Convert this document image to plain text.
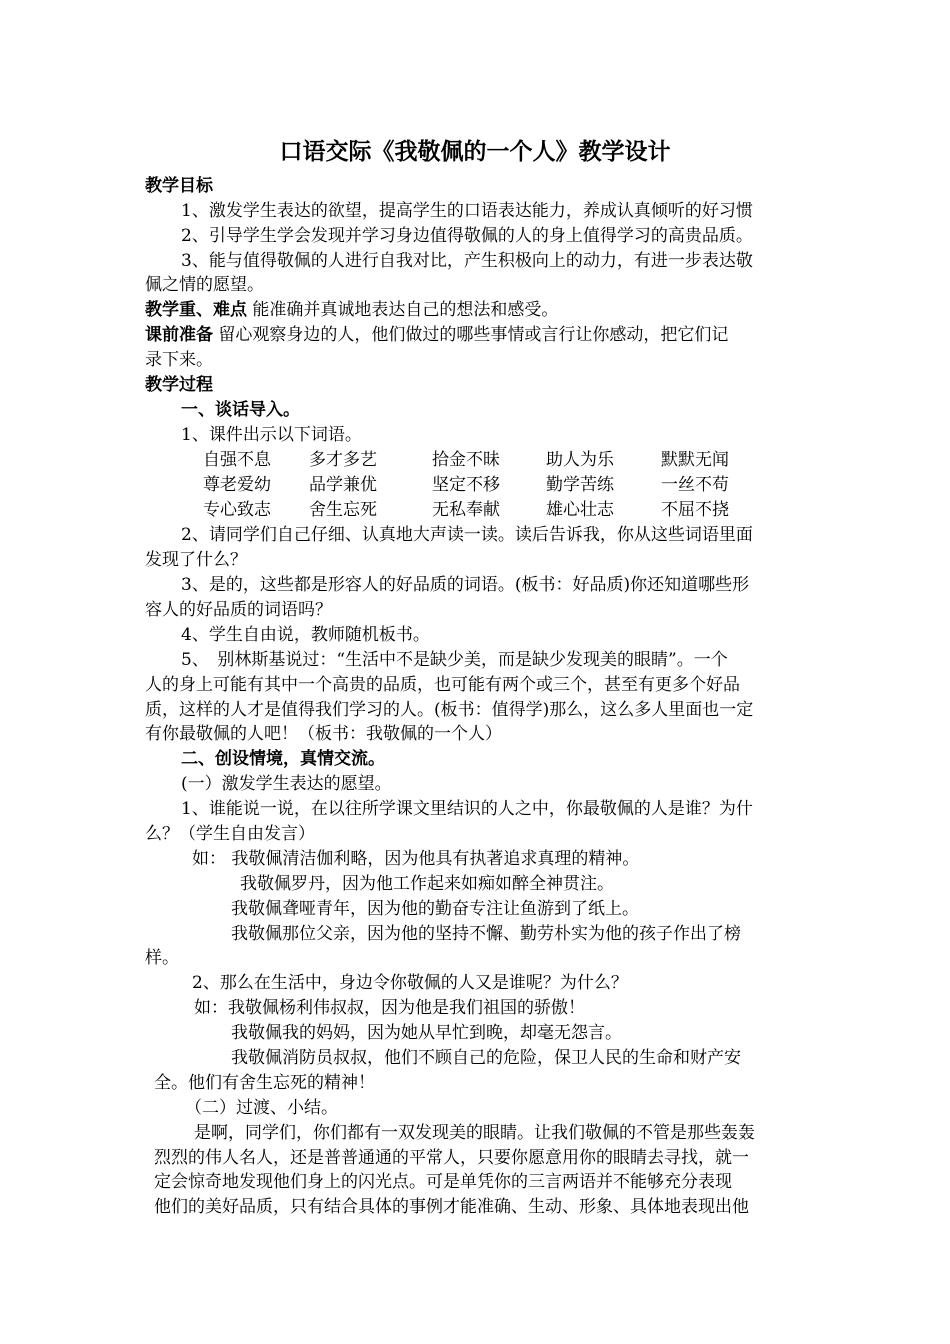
口语交际《我敬佩的一个人》教学设计
教学目标
1、激发学生表达的欲望，提高学生的口语表达能力，养成认真倾听的好习惯
2、引导学生学会发现并学习身边值得敬佩的人的身上值得学习的高贵品质。
3、能与值得敬佩的人进行自我对比，产生积极向上的动力，有进一步表达敬
佩之情的愿望。
教学重、难点 能准确并真诚地表达自己的想法和感受。
课前准备 留心观察身边的人，他们做过的哪些事情或言行让你感动，把它们记
录下来。
教学过程
一、谈话导入。
1、课件出示以下词语。
自强不息 多才多艺	拾金不昧	助人为乐	默默无闻
尊老爱幼 品学兼优	坚定不移	勤学苦练	一丝不苟
专心致志 舍生忘死	无私奉献	雄心壮志	不屈不挠
2、请同学们自己仔细、认真地大声读一读。读后告诉我，你从这些词语里面
发现了什么？
3、是的，这些都是形容人的好品质的词语。(板书：好品质)你还知道哪些形
容人的好品质的词语吗？
4、学生自由说，教师随机板书。
5、　别林斯基说过：“生活中不是缺少美，而是缺少发现美的眼睛”。一个
人的身上可能有其中一个高贵的品质，也可能有两个或三个，甚至有更多个好品
质，这样的人才是值得我们学习的人。(板书：值得学)那么，这么多人里面也一定
有你最敬佩的人吧！（板书：我敬佩的一个人）
二、创设情境，真情交流。
(一）激发学生表达的愿望。
1、谁能说一说，在以往所学课文里结识的人之中，你最敬佩的人是谁？为什
么？（学生自由发言）
如： 我敬佩清洁伽利略，因为他具有执著追求真理的精神。
我敬佩罗丹，因为他工作起来如痴如醉全神贯注。
我敬佩聋哑青年，因为他的勤奋专注让鱼游到了纸上。
我敬佩那位父亲，因为他的坚持不懈、勤劳朴实为他的孩子作出了榜
样。
2、那么在生活中，身边令你敬佩的人又是谁呢？为什么？
如：我敬佩杨利伟叔叔，因为他是我们祖国的骄傲！
我敬佩我的妈妈，因为她从早忙到晚，却毫无怨言。
我敬佩消防员叔叔，他们不顾自己的危险，保卫人民的生命和财产安
全。他们有舍生忘死的精神！
（二）过渡、小结。
是啊，同学们，你们都有一双发现美的眼睛。让我们敬佩的不管是那些轰轰
烈烈的伟人名人，还是普普通通的平常人，只要你愿意用你的眼睛去寻找，就一
定会惊奇地发现他们身上的闪光点。可是单凭你的三言两语并不能够充分表现
他们的美好品质，只有结合具体的事例才能准确、生动、形象、具体地表现出他
